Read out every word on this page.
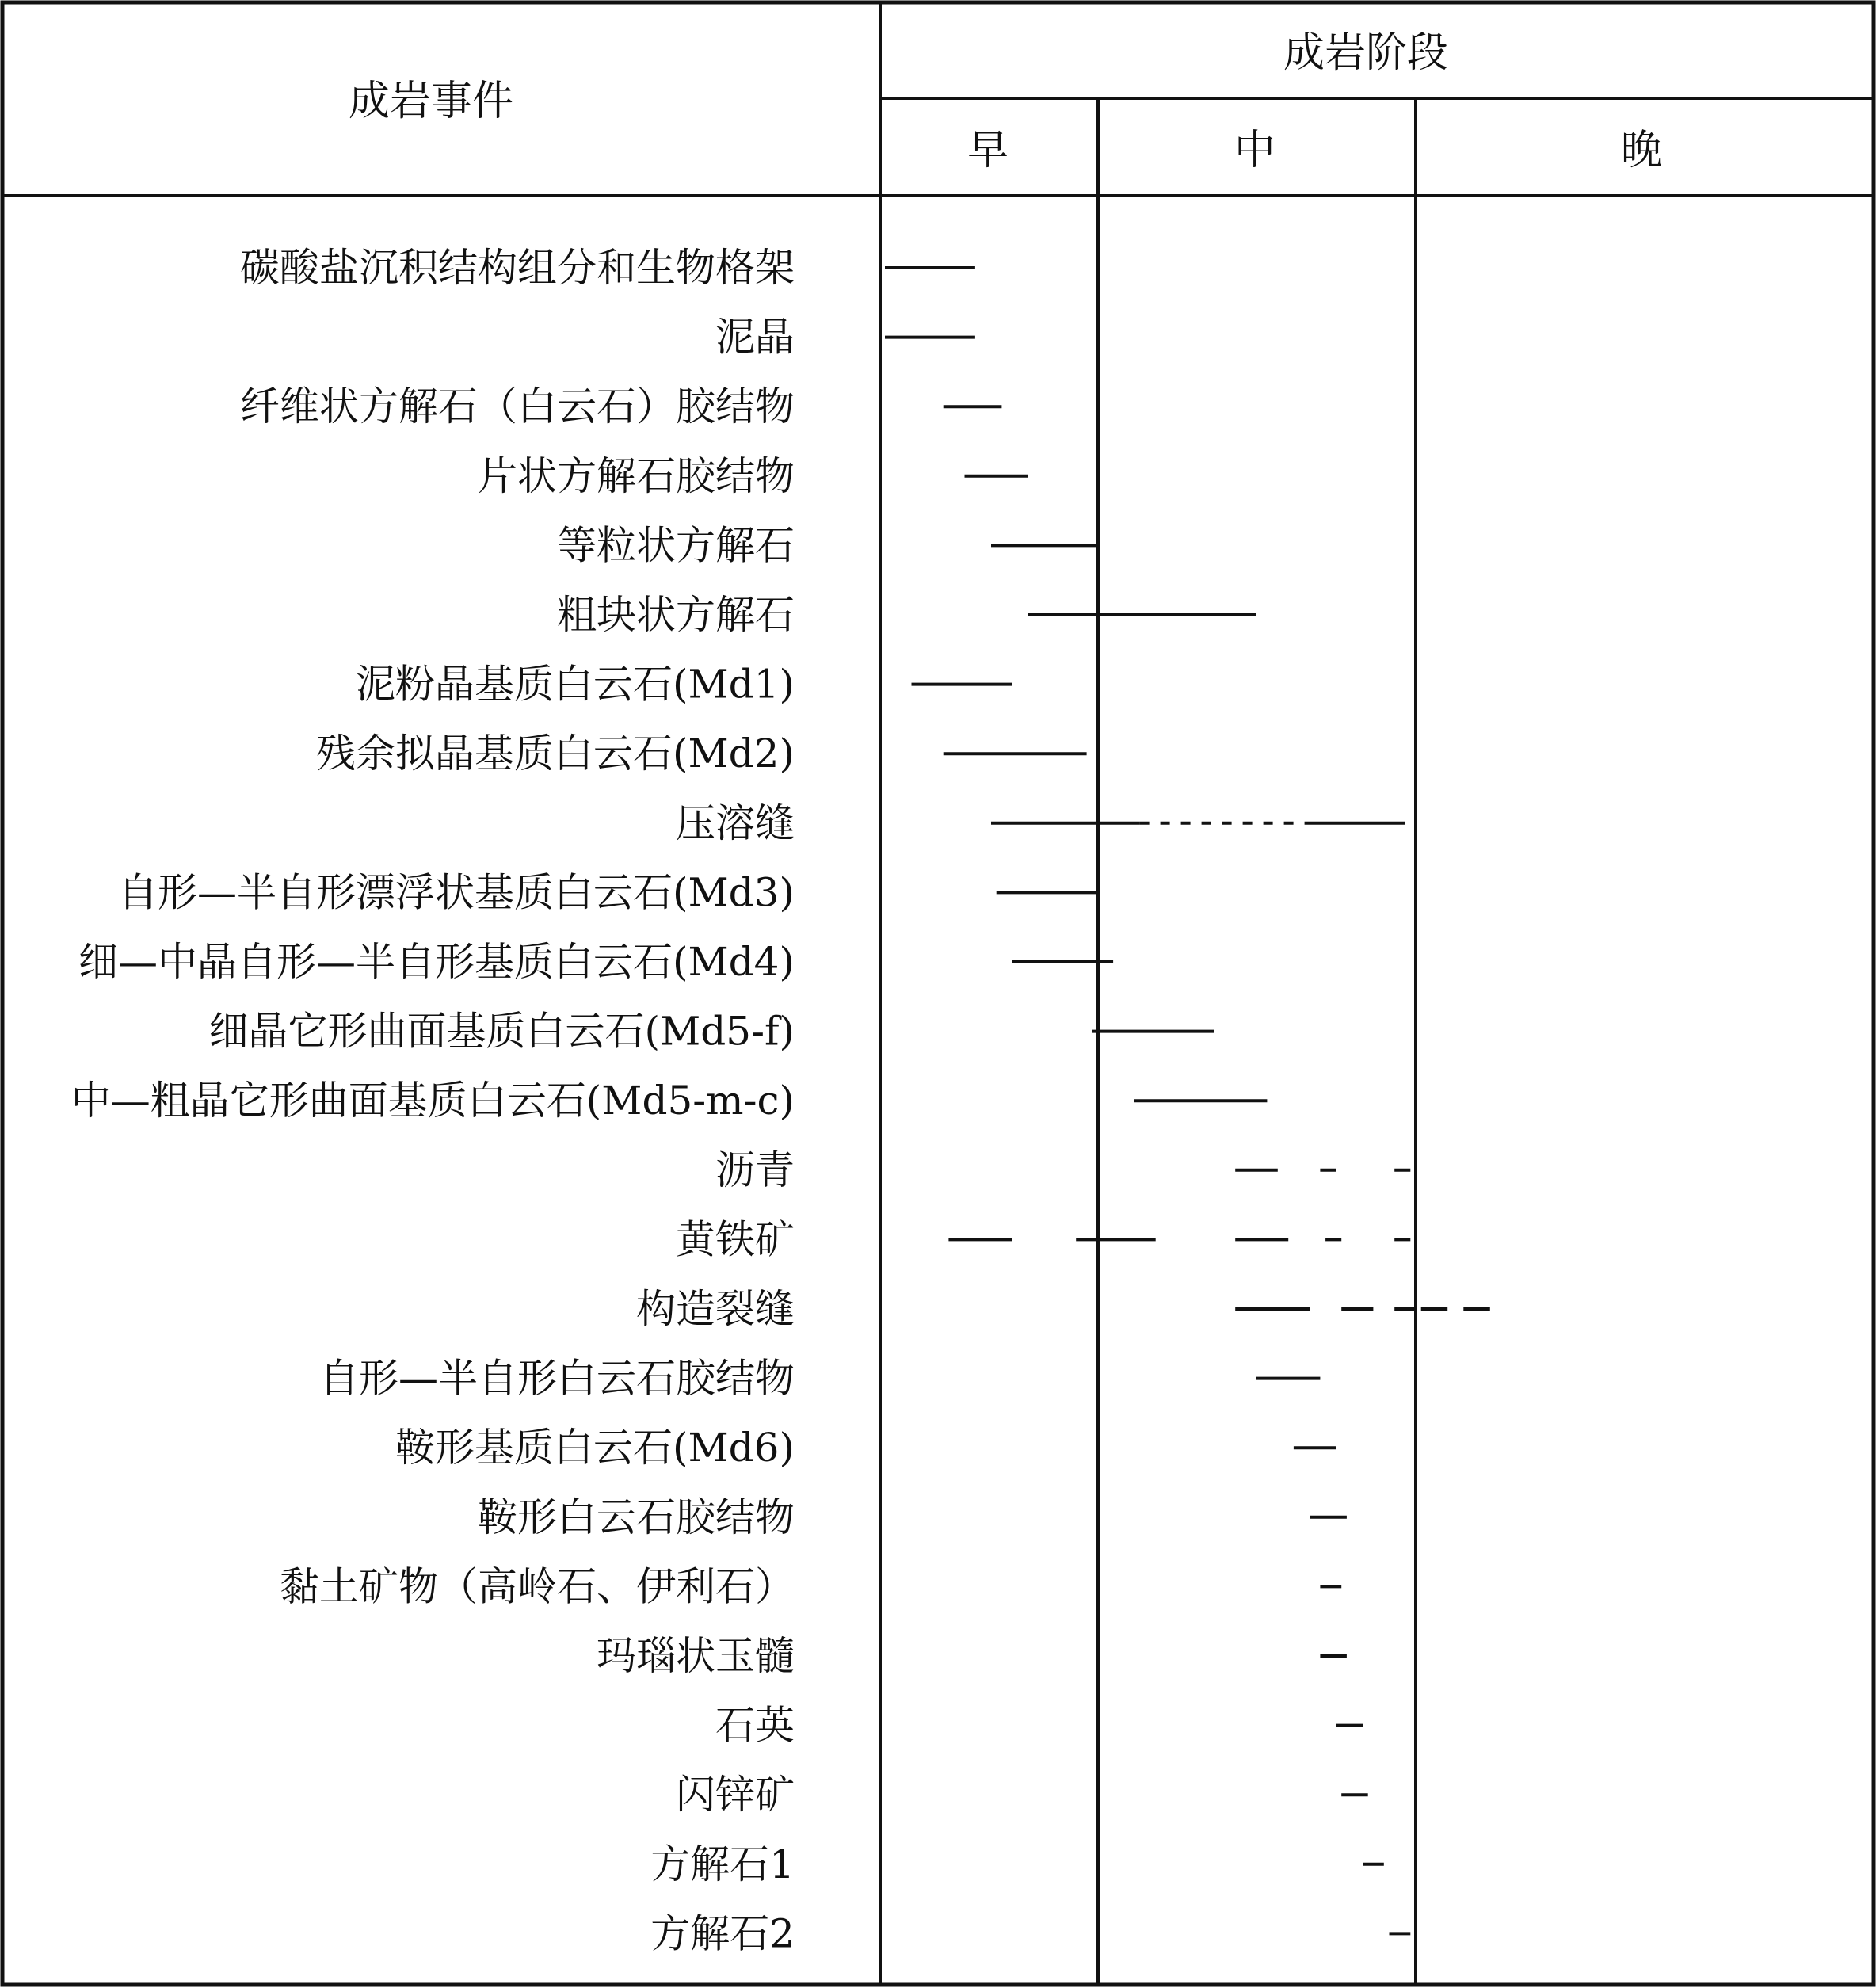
成岩事件
成岩阶段
早	中	晚
碳酸盐沉积结构组分和生物格架
泥晶
纤维状方解石（白云石）胶结物
片状方解石胶结物
等粒状方解石
粗块状方解石
泥粉晶基质白云石(Md1)
残余拟晶基质白云石(Md2)
压溶缝
自形—半自形漂浮状基质白云石(Md3)
细—中晶自形—半自形基质白云石(Md4)
细晶它形曲面基质白云石(Md5-f)
中—粗晶它形曲面基质白云石(Md5-m-c)
沥青
黄铁矿
构造裂缝
自形—半自形白云石胶结物
鞍形基质白云石(Md6)
鞍形白云石胶结物
黏土矿物（高岭石、伊利石）
玛瑙状玉髓
石英
闪锌矿
方解石1
方解石2
